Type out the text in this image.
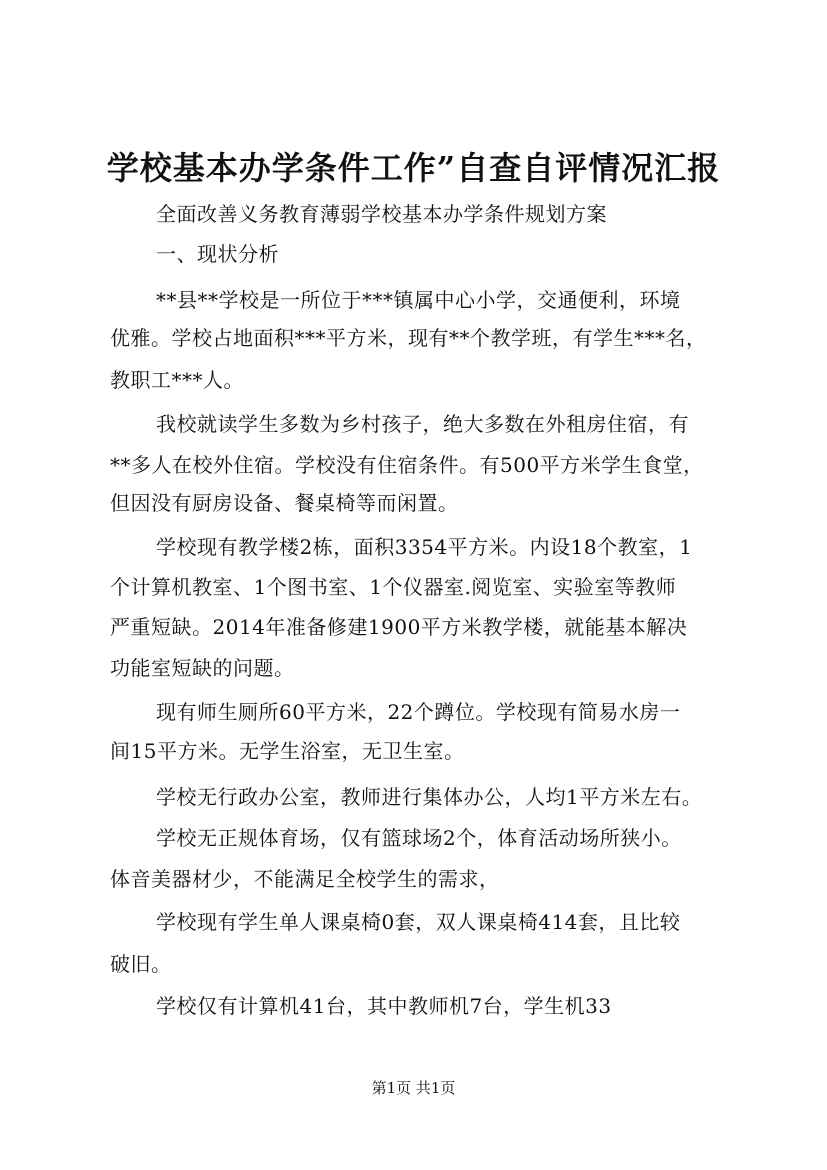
学校基本办学条件工作”自查自评情况汇报
全面改善义务教育薄弱学校基本办学条件规划方案
一、现状分析
**县**学校是一所位于***镇属中心小学，交通便利，环境
优雅。学校占地面积***平方米，现有**个教学班，有学生***名，
教职工***人。
我校就读学生多数为乡村孩子，绝大多数在外租房住宿，有
**多人在校外住宿。学校没有住宿条件。有500平方米学生食堂，
但因没有厨房设备、餐桌椅等而闲置。
学校现有教学楼2栋，面积3354平方米。内设18个教室，1
个计算机教室、1个图书室、1个仪器室.阅览室、实验室等教师
严重短缺。2014年准备修建1900平方米教学楼，就能基本解决
功能室短缺的问题。
现有师生厕所60平方米，22个蹲位。学校现有简易水房一
间15平方米。无学生浴室，无卫生室。
学校无行政办公室，教师进行集体办公，人均1平方米左右。
学校无正规体育场，仅有篮球场2个，体育活动场所狭小。
体音美器材少，不能满足全校学生的需求，
学校现有学生单人课桌椅0套，双人课桌椅414套，且比较
破旧。
学校仅有计算机41台，其中教师机7台，学生机33
第1页 共1页
